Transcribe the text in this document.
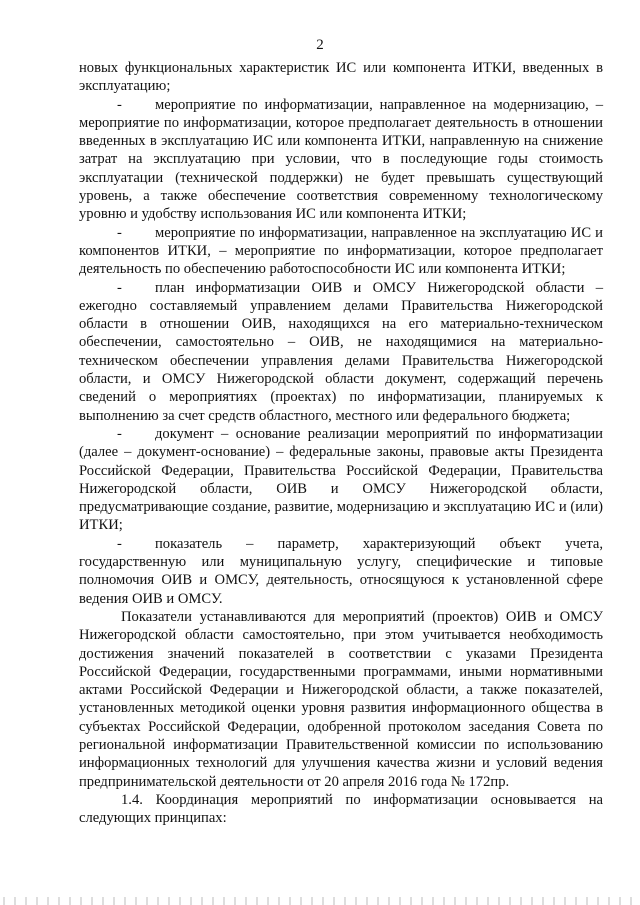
2

новых функциональных характеристик ИС или компонента ИТКИ, введенных в эксплуатацию;

- мероприятие по информатизации, направленное на модернизацию, – мероприятие по информатизации, которое предполагает деятельность в отношении введенных в эксплуатацию ИС или компонента ИТКИ, направленную на снижение затрат на эксплуатацию при условии, что в последующие годы стоимость эксплуатации (технической поддержки) не будет превышать существующий уровень, а также обеспечение соответствия современному технологическому уровню и удобству использования ИС или компонента ИТКИ;

- мероприятие по информатизации, направленное на эксплуатацию ИС и компонентов ИТКИ, – мероприятие по информатизации, которое предполагает деятельность по обеспечению работоспособности ИС или компонента ИТКИ;

- план информатизации ОИВ и ОМСУ Нижегородской области – ежегодно составляемый управлением делами Правительства Нижегородской области в отношении ОИВ, находящихся на его материально-техническом обеспечении, самостоятельно – ОИВ, не находящимися на материально-техническом обеспечении управления делами Правительства Нижегородской области, и ОМСУ Нижегородской области документ, содержащий перечень сведений о мероприятиях (проектах) по информатизации, планируемых к выполнению за счет средств областного, местного или федерального бюджета;

- документ – основание реализации мероприятий по информатизации (далее – документ-основание) – федеральные законы, правовые акты Президента Российской Федерации, Правительства Российской Федерации, Правительства Нижегородской области, ОИВ и ОМСУ Нижегородской области, предусматривающие создание, развитие, модернизацию и эксплуатацию ИС и (или) ИТКИ;

- показатель – параметр, характеризующий объект учета, государственную или муниципальную услугу, специфические и типовые полномочия ОИВ и ОМСУ, деятельность, относящуюся к установленной сфере ведения ОИВ и ОМСУ.

Показатели устанавливаются для мероприятий (проектов) ОИВ и ОМСУ Нижегородской области самостоятельно, при этом учитывается необходимость достижения значений показателей в соответствии с указами Президента Российской Федерации, государственными программами, иными нормативными актами Российской Федерации и Нижегородской области, а также показателей, установленных методикой оценки уровня развития информационного общества в субъектах Российской Федерации, одобренной протоколом заседания Совета по региональной информатизации Правительственной комиссии по использованию информационных технологий для улучшения качества жизни и условий ведения предпринимательской деятельности от 20 апреля 2016 года № 172пр.

1.4. Координация мероприятий по информатизации основывается на следующих принципах:
